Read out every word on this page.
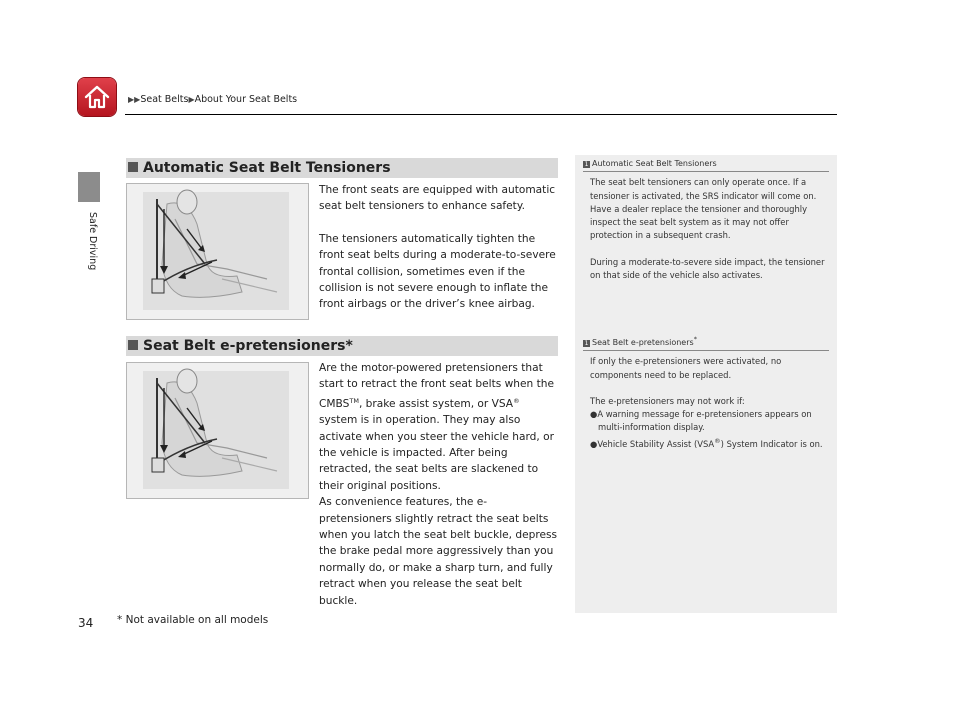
▶▶Seat Belts▶About Your Seat Belts
Safe Driving
Automatic Seat Belt Tensioners

The front seats are equipped with automatic seat belt tensioners to enhance safety.

The tensioners automatically tighten the front seat belts during a moderate-to-severe frontal collision, sometimes even if the collision is not severe enough to inflate the front airbags or the driver’s knee airbag.

Seat Belt e-pretensioners*

Are the motor-powered pretensioners that start to retract the front seat belts when the CMBS™, brake assist system, or VSA® system is in operation. They may also activate when you steer the vehicle hard, or the vehicle is impacted. After being retracted, the seat belts are slackened to their original positions.

As convenience features, the e-pretensioners slightly retract the seat belts when you latch the seat belt buckle, depress the brake pedal more aggressively than you normally do, or make a sharp turn, and fully retract when you release the seat belt buckle.

1 Automatic Seat Belt Tensioners

The seat belt tensioners can only operate once. If a tensioner is activated, the SRS indicator will come on. Have a dealer replace the tensioner and thoroughly inspect the seat belt system as it may not offer protection in a subsequent crash.

During a moderate-to-severe side impact, the tensioner on that side of the vehicle also activates.

1 Seat Belt e-pretensioners*

If only the e-pretensioners were activated, no components need to be replaced.

The e-pretensioners may not work if:

●A warning message for e-pretensioners appears on multi-information display.

●Vehicle Stability Assist (VSA®) System Indicator is on.

34 * Not available on all models
